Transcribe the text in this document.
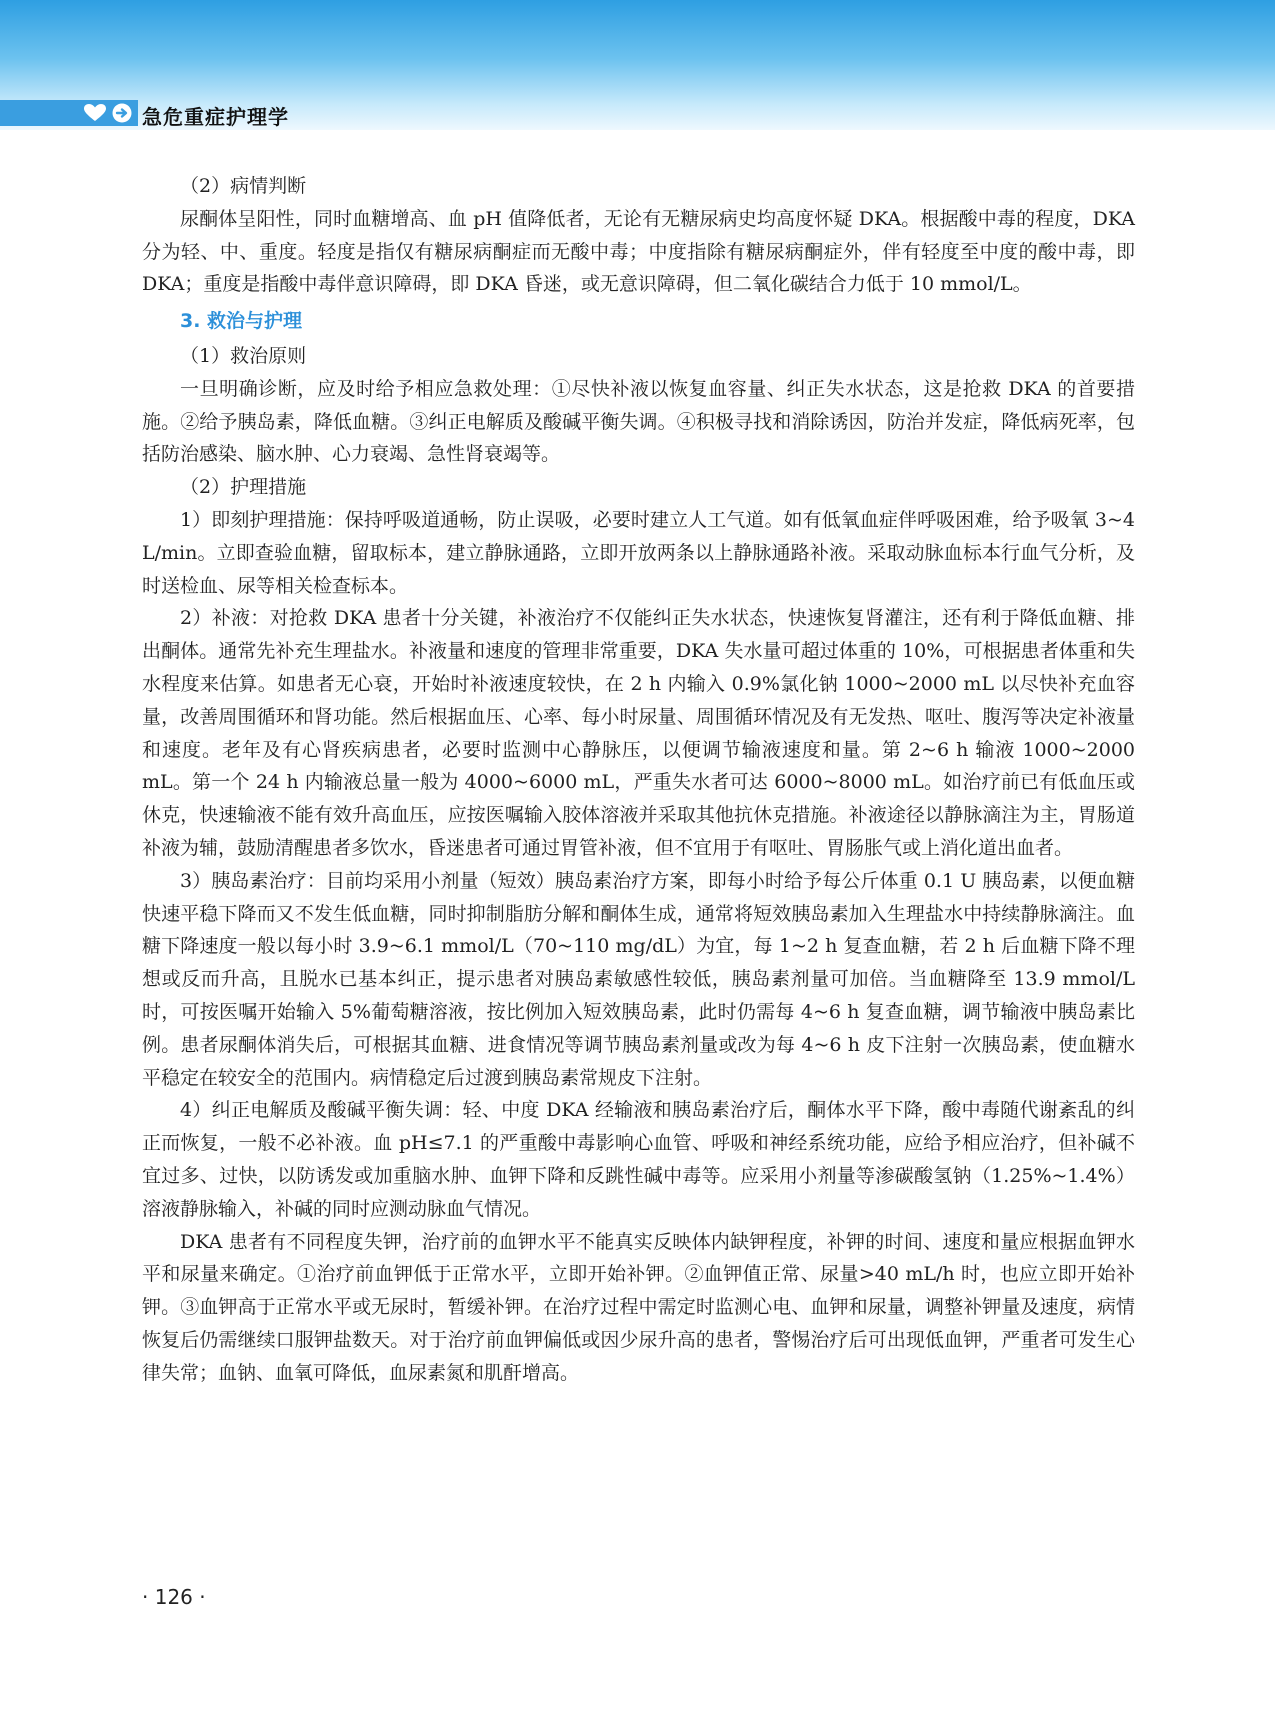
急危重症护理学

（2）病情判断

尿酮体呈阳性，同时血糖增高、血 pH 值降低者，无论有无糖尿病史均高度怀疑 DKA。根据酸中毒的程度，DKA 分为轻、中、重度。轻度是指仅有糖尿病酮症而无酸中毒；中度指除有糖尿病酮症外，伴有轻度至中度的酸中毒，即 DKA；重度是指酸中毒伴意识障碍，即 DKA 昏迷，或无意识障碍，但二氧化碳结合力低于 10 mmol/L。

3. 救治与护理

（1）救治原则

一旦明确诊断，应及时给予相应急救处理：①尽快补液以恢复血容量、纠正失水状态，这是抢救 DKA 的首要措施。②给予胰岛素，降低血糖。③纠正电解质及酸碱平衡失调。④积极寻找和消除诱因，防治并发症，降低病死率，包括防治感染、脑水肿、心力衰竭、急性肾衰竭等。

（2）护理措施

1）即刻护理措施：保持呼吸道通畅，防止误吸，必要时建立人工气道。如有低氧血症伴呼吸困难，给予吸氧 3~4 L/min。立即查验血糖，留取标本，建立静脉通路，立即开放两条以上静脉通路补液。采取动脉血标本行血气分析，及时送检血、尿等相关检查标本。

2）补液：对抢救 DKA 患者十分关键，补液治疗不仅能纠正失水状态，快速恢复肾灌注，还有利于降低血糖、排出酮体。通常先补充生理盐水。补液量和速度的管理非常重要，DKA 失水量可超过体重的 10%，可根据患者体重和失水程度来估算。如患者无心衰，开始时补液速度较快，在 2 h 内输入 0.9%氯化钠 1000~2000 mL 以尽快补充血容量，改善周围循环和肾功能。然后根据血压、心率、每小时尿量、周围循环情况及有无发热、呕吐、腹泻等决定补液量和速度。老年及有心肾疾病患者，必要时监测中心静脉压，以便调节输液速度和量。第 2~6 h 输液 1000~2000 mL。第一个 24 h 内输液总量一般为 4000~6000 mL，严重失水者可达 6000~8000 mL。如治疗前已有低血压或休克，快速输液不能有效升高血压，应按医嘱输入胶体溶液并采取其他抗休克措施。补液途径以静脉滴注为主，胃肠道补液为辅，鼓励清醒患者多饮水，昏迷患者可通过胃管补液，但不宜用于有呕吐、胃肠胀气或上消化道出血者。

3）胰岛素治疗：目前均采用小剂量（短效）胰岛素治疗方案，即每小时给予每公斤体重 0.1 U 胰岛素，以便血糖快速平稳下降而又不发生低血糖，同时抑制脂肪分解和酮体生成，通常将短效胰岛素加入生理盐水中持续静脉滴注。血糖下降速度一般以每小时 3.9~6.1 mmol/L（70~110 mg/dL）为宜，每 1~2 h 复查血糖，若 2 h 后血糖下降不理想或反而升高，且脱水已基本纠正，提示患者对胰岛素敏感性较低，胰岛素剂量可加倍。当血糖降至 13.9 mmol/L 时，可按医嘱开始输入 5%葡萄糖溶液，按比例加入短效胰岛素，此时仍需每 4~6 h 复查血糖，调节输液中胰岛素比例。患者尿酮体消失后，可根据其血糖、进食情况等调节胰岛素剂量或改为每 4~6 h 皮下注射一次胰岛素，使血糖水平稳定在较安全的范围内。病情稳定后过渡到胰岛素常规皮下注射。

4）纠正电解质及酸碱平衡失调：轻、中度 DKA 经输液和胰岛素治疗后，酮体水平下降，酸中毒随代谢紊乱的纠正而恢复，一般不必补液。血 pH≤7.1 的严重酸中毒影响心血管、呼吸和神经系统功能，应给予相应治疗，但补碱不宜过多、过快，以防诱发或加重脑水肿、血钾下降和反跳性碱中毒等。应采用小剂量等渗碳酸氢钠（1.25%~1.4%）溶液静脉输入，补碱的同时应测动脉血气情况。

DKA 患者有不同程度失钾，治疗前的血钾水平不能真实反映体内缺钾程度，补钾的时间、速度和量应根据血钾水平和尿量来确定。①治疗前血钾低于正常水平，立即开始补钾。②血钾值正常、尿量>40 mL/h 时，也应立即开始补钾。③血钾高于正常水平或无尿时，暂缓补钾。在治疗过程中需定时监测心电、血钾和尿量，调整补钾量及速度，病情恢复后仍需继续口服钾盐数天。对于治疗前血钾偏低或因少尿升高的患者，警惕治疗后可出现低血钾，严重者可发生心律失常；血钠、血氧可降低，血尿素氮和肌酐增高。

· 126 ·
